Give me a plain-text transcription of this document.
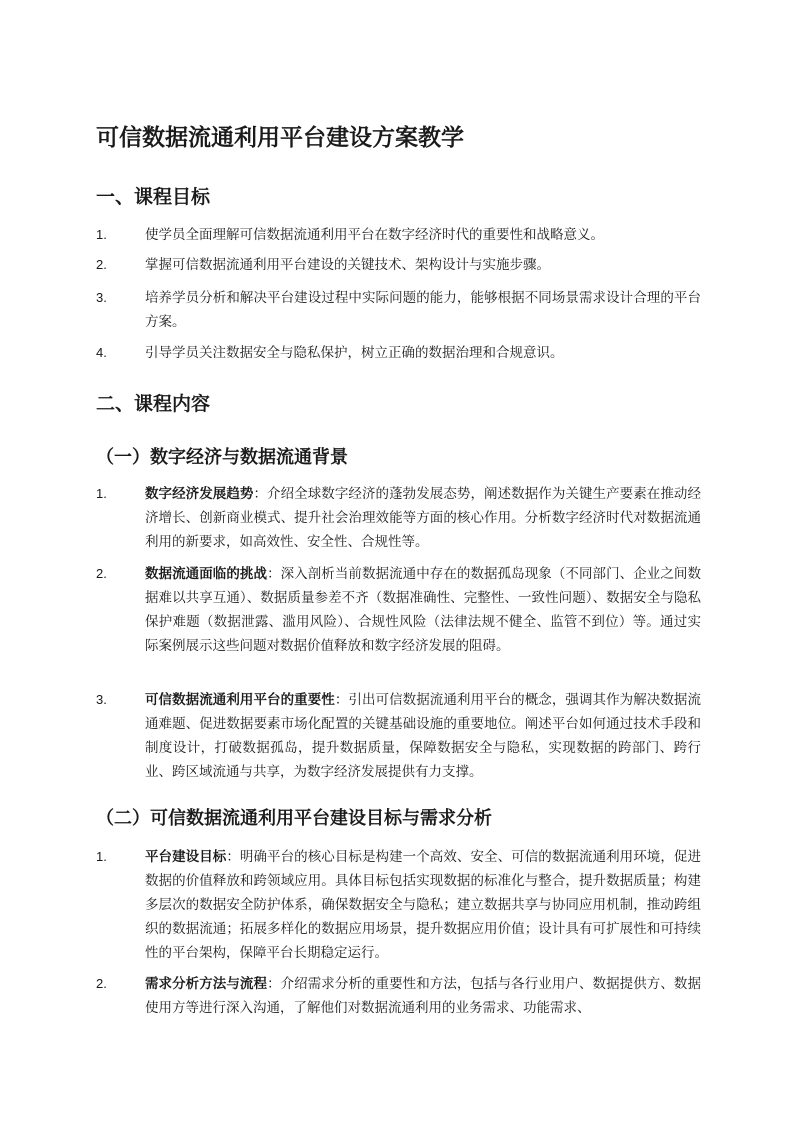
可信数据流通利用平台建设方案教学
一、课程目标
1.	使学员全面理解可信数据流通利用平台在数字经济时代的重要性和战略意义。
2.	掌握可信数据流通利用平台建设的关键技术、架构设计与实施步骤。
3.	培养学员分析和解决平台建设过程中实际问题的能力，能够根据不同场景需求设计合理的平台方案。
4.	引导学员关注数据安全与隐私保护，树立正确的数据治理和合规意识。
二、课程内容
（一）数字经济与数据流通背景
1.	数字经济发展趋势：介绍全球数字经济的蓬勃发展态势，阐述数据作为关键生产要素在推动经济增长、创新商业模式、提升社会治理效能等方面的核心作用。分析数字经济时代对数据流通利用的新要求，如高效性、安全性、合规性等。
2.	数据流通面临的挑战：深入剖析当前数据流通中存在的数据孤岛现象（不同部门、企业之间数据难以共享互通）、数据质量参差不齐（数据准确性、完整性、一致性问题）、数据安全与隐私保护难题（数据泄露、滥用风险）、合规性风险（法律法规不健全、监管不到位）等。通过实际案例展示这些问题对数据价值释放和数字经济发展的阻碍。
3.	可信数据流通利用平台的重要性：引出可信数据流通利用平台的概念，强调其作为解决数据流通难题、促进数据要素市场化配置的关键基础设施的重要地位。阐述平台如何通过技术手段和制度设计，打破数据孤岛，提升数据质量，保障数据安全与隐私，实现数据的跨部门、跨行业、跨区域流通与共享，为数字经济发展提供有力支撑。
（二）可信数据流通利用平台建设目标与需求分析
1.	平台建设目标：明确平台的核心目标是构建一个高效、安全、可信的数据流通利用环境，促进数据的价值释放和跨领域应用。具体目标包括实现数据的标准化与整合，提升数据质量；构建多层次的数据安全防护体系，确保数据安全与隐私；建立数据共享与协同应用机制，推动跨组织的数据流通；拓展多样化的数据应用场景，提升数据应用价值；设计具有可扩展性和可持续性的平台架构，保障平台长期稳定运行。
2.	需求分析方法与流程：介绍需求分析的重要性和方法，包括与各行业用户、数据提供方、数据使用方等进行深入沟通，了解他们对数据流通利用的业务需求、功能需求、
